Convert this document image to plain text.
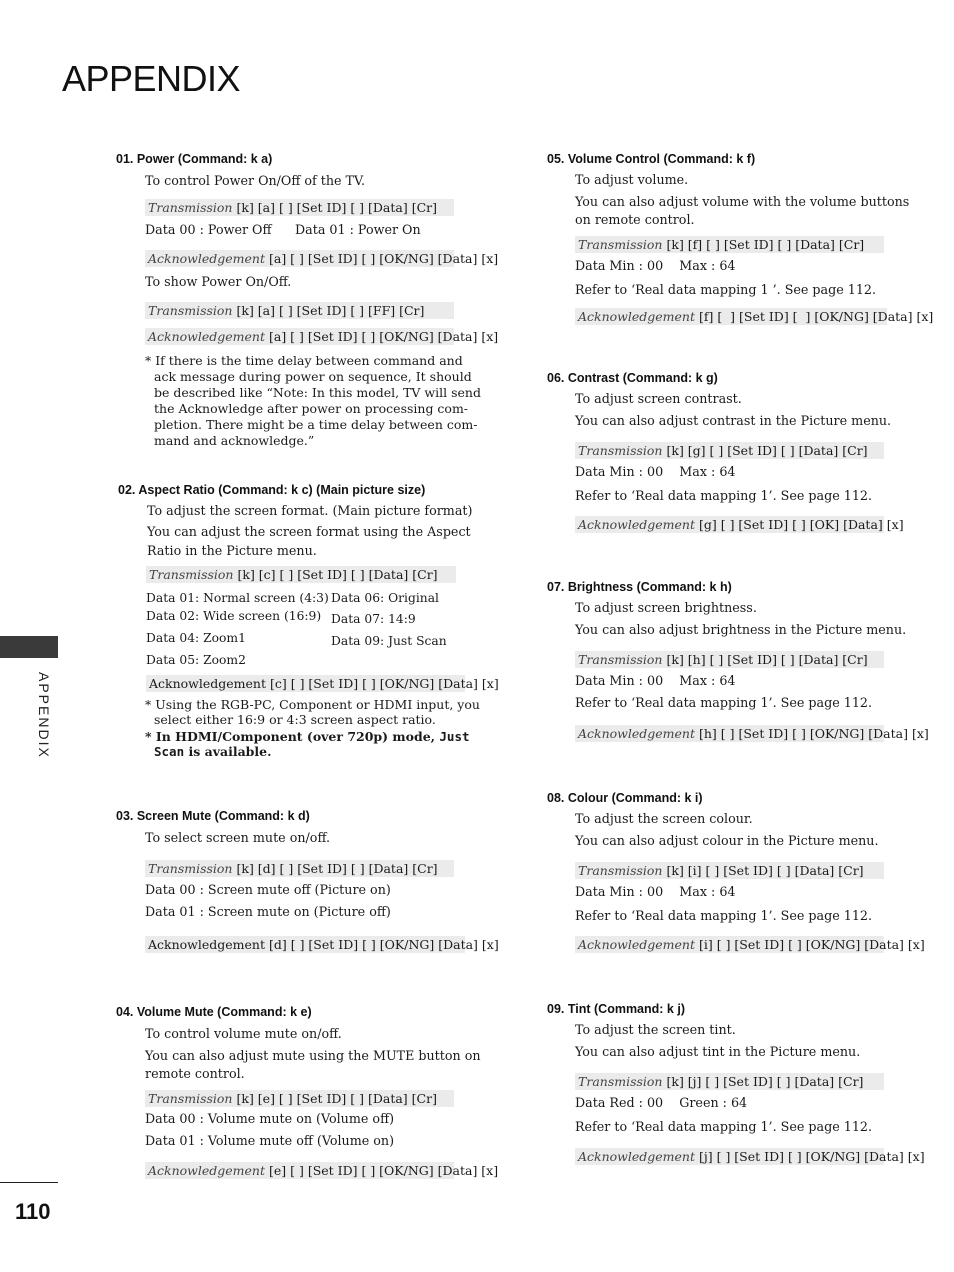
APPENDIX
APPENDIX
110
01. Power (Command: k a)
To control Power On/Off of the TV.
Transmission [k] [a] [ ] [Set ID] [ ] [Data] [Cr]
Data 00 : Power Off Data 01 : Power On
Acknowledgement [a] [ ] [Set ID] [ ] [OK/NG] [Data] [x]
To show Power On/Off.
Transmission [k] [a] [ ] [Set ID] [ ] [FF] [Cr]
Acknowledgement [a] [ ] [Set ID] [ ] [OK/NG] [Data] [x]
* If there is the time delay between command and
ack message during power on sequence, It should
be described like “Note: In this model, TV will send
the Acknowledge after power on processing com-
pletion. There might be a time delay between com-
mand and acknowledge.”
02. Aspect Ratio (Command: k c) (Main picture size)
To adjust the screen format. (Main picture format)
You can adjust the screen format using the Aspect
Ratio in the Picture menu.
Transmission [k] [c] [ ] [Set ID] [ ] [Data] [Cr]
Data 01: Normal screen (4:3)
Data 02: Wide screen (16:9)
Data 04: Zoom1
Data 05: Zoom2
Data 06: Original
Data 07: 14:9
Data 09: Just Scan
Acknowledgement [c] [ ] [Set ID] [ ] [OK/NG] [Data] [x]
* Using the RGB-PC, Component or HDMI input, you
select either 16:9 or 4:3 screen aspect ratio.
* In HDMI/Component (over 720p) mode, Just
Scan is available.
03. Screen Mute (Command: k d)
To select screen mute on/off.
Transmission [k] [d] [ ] [Set ID] [ ] [Data] [Cr]
Data 00 : Screen mute off (Picture on)
Data 01 : Screen mute on (Picture off)
Acknowledgement [d] [ ] [Set ID] [ ] [OK/NG] [Data] [x]
04. Volume Mute (Command: k e)
To control volume mute on/off.
You can also adjust mute using the MUTE button on
remote control.
Transmission [k] [e] [ ] [Set ID] [ ] [Data] [Cr]
Data 00 : Volume mute on (Volume off)
Data 01 : Volume mute off (Volume on)
Acknowledgement [e] [ ] [Set ID] [ ] [OK/NG] [Data] [x]
05. Volume Control (Command: k f)
To adjust volume.
You can also adjust volume with the volume buttons
on remote control.
Transmission [k] [f] [ ] [Set ID] [ ] [Data] [Cr]
Data Min : 00    Max : 64
Refer to ‘Real data mapping 1 ’. See page 112.
Acknowledgement [f] [  ] [Set ID] [  ] [OK/NG] [Data] [x]
06. Contrast (Command: k g)
To adjust screen contrast.
You can also adjust contrast in the Picture menu.
Transmission [k] [g] [ ] [Set ID] [ ] [Data] [Cr]
Data Min : 00    Max : 64
Refer to ‘Real data mapping 1’. See page 112.
Acknowledgement [g] [ ] [Set ID] [ ] [OK] [Data] [x]
07. Brightness (Command: k h)
To adjust screen brightness.
You can also adjust brightness in the Picture menu.
Transmission [k] [h] [ ] [Set ID] [ ] [Data] [Cr]
Data Min : 00    Max : 64
Refer to ‘Real data mapping 1’. See page 112.
Acknowledgement [h] [ ] [Set ID] [ ] [OK/NG] [Data] [x]
08. Colour (Command: k i)
To adjust the screen colour.
You can also adjust colour in the Picture menu.
Transmission [k] [i] [ ] [Set ID] [ ] [Data] [Cr]
Data Min : 00    Max : 64
Refer to ‘Real data mapping 1’. See page 112.
Acknowledgement [i] [ ] [Set ID] [ ] [OK/NG] [Data] [x]
09. Tint (Command: k j)
To adjust the screen tint.
You can also adjust tint in the Picture menu.
Transmission [k] [j] [ ] [Set ID] [ ] [Data] [Cr]
Data Red : 00    Green : 64
Refer to ‘Real data mapping 1’. See page 112.
Acknowledgement [j] [ ] [Set ID] [ ] [OK/NG] [Data] [x]
